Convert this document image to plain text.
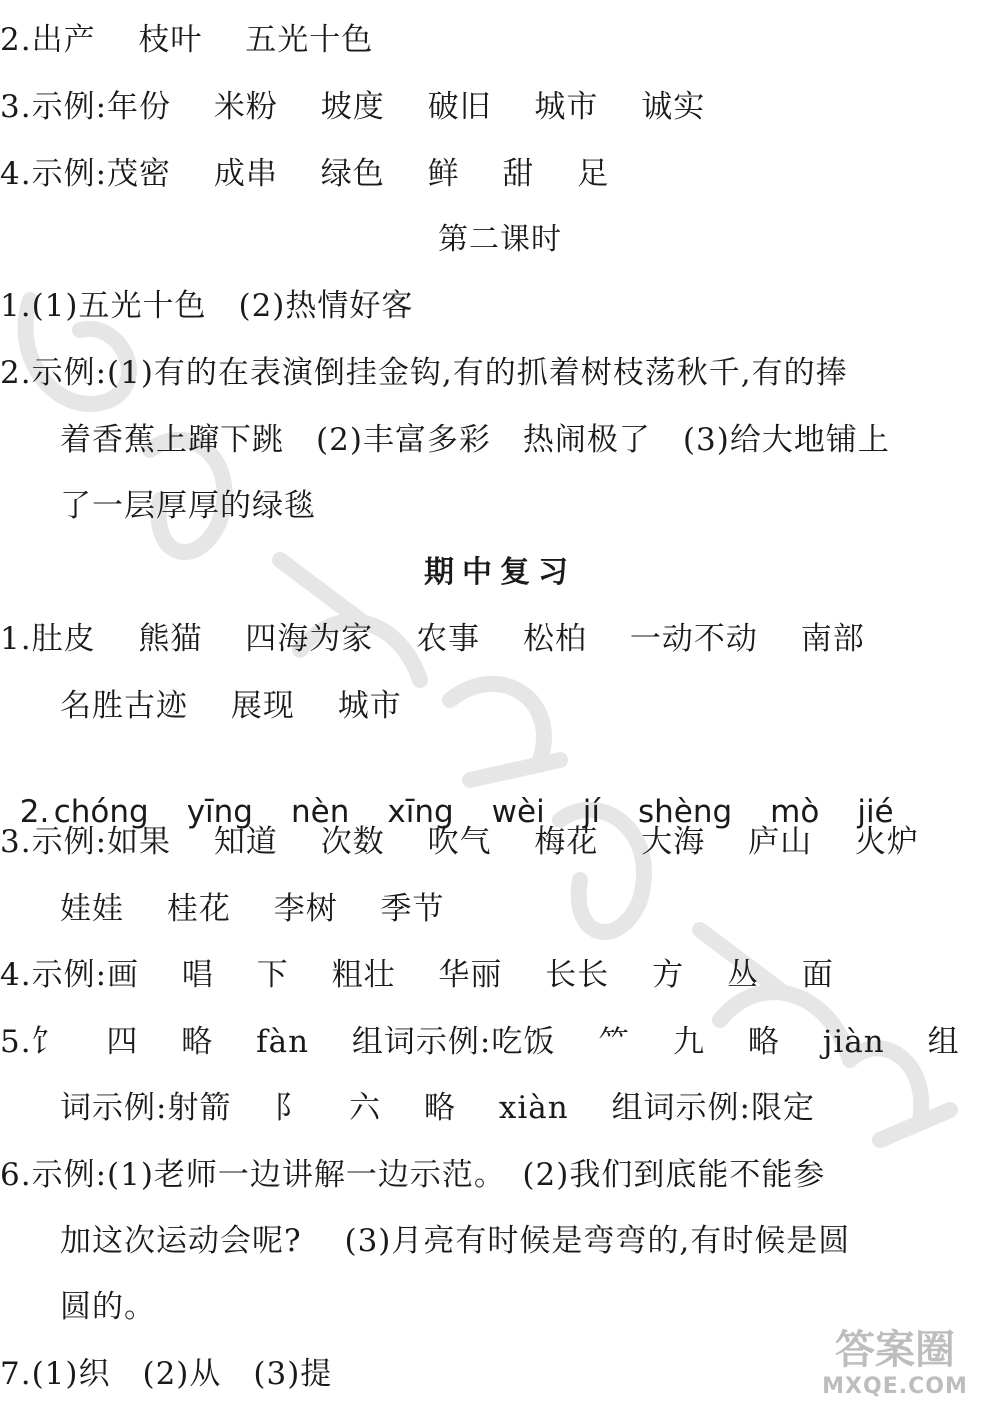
2.出产　 枝叶　 五光十色
3.示例:年份　 米粉　 坡度　 破旧　 城市　 诚实
4.示例:茂密　 成串　 绿色　 鲜　 甜　 足
第二课时
1.(1)五光十色　(2)热情好客
2.示例:(1)有的在表演倒挂金钩,有的抓着树枝荡秋千,有的捧
着香蕉上蹿下跳　(2)丰富多彩　热闹极了　(3)给大地铺上
了一层厚厚的绿毯
期中复习
1.肚皮　 熊猫　 四海为家　 农事　 松柏　 一动不动　 南部
名胜古迹　 展现　 城市

2. chóng yīng nèn xīng wèi jí shèng mò jié

3.示例:如果　 知道　 次数　 吹气　 梅花　 大海　 庐山　 火炉
娃娃　 桂花　 李树　 季节
4.示例:画　 唱　 下　 粗壮　 华丽　 长长　 方　 丛　 面
5.饣　 四　 略　 fàn　 组词示例:吃饭　 ⺮　 九　 略　 jiàn　 组
词示例:射箭　 阝　 六　 略　 xiàn　 组词示例:限定
6.示例:(1)老师一边讲解一边示范。　(2)我们到底能不能参
加这次运动会呢?　 (3)月亮有时候是弯弯的,有时候是圆
圆的。
7.(1)织　(2)从　(3)提
答案圈
MXQE.COM
